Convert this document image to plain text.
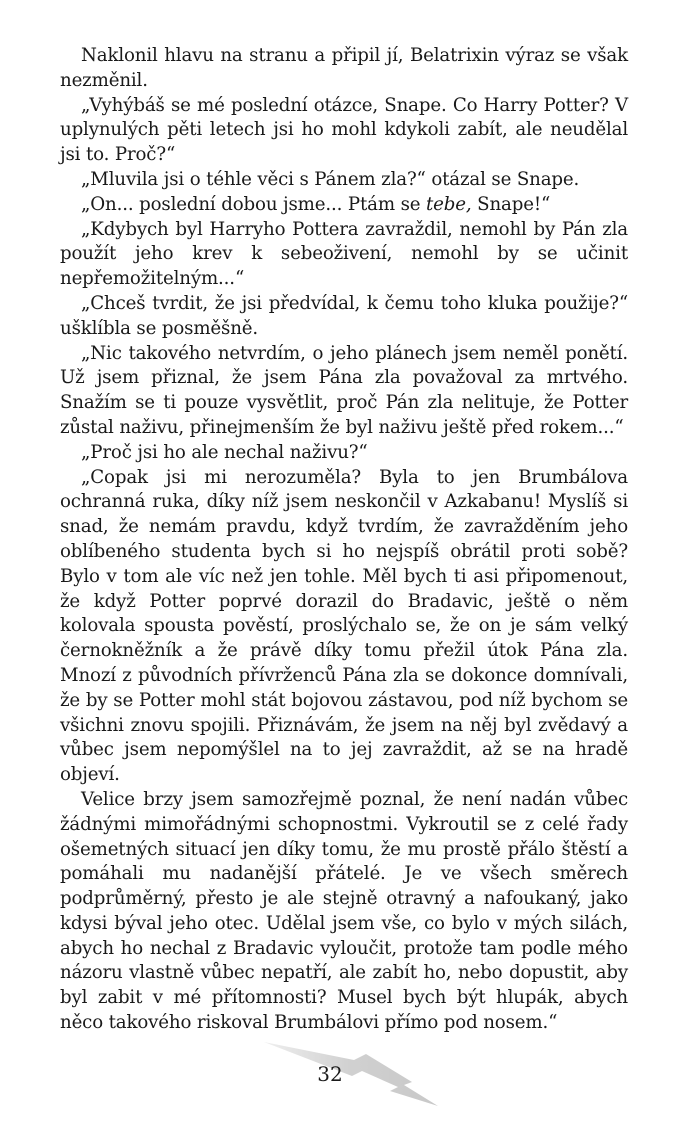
Naklonil hlavu na stranu a připil jí, Belatrixin výraz se však nezměnil.

„Vyhýbáš se mé poslední otázce, Snape. Co Harry Potter? V uplynulých pěti letech jsi ho mohl kdykoli zabít, ale neudělal jsi to. Proč?“

„Mluvila jsi o téhle věci s Pánem zla?“ otázal se Snape.

„On... poslední dobou jsme... Ptám se tebe, Snape!“

„Kdybych byl Harryho Pottera zavraždil, nemohl by Pán zla použít jeho krev k sebeoživení, nemohl by se učinit nepřemožitelným...“

„Chceš tvrdit, že jsi předvídal, k čemu toho kluka použije?“ ušklíbla se posměšně.

„Nic takového netvrdím, o jeho plánech jsem neměl ponětí. Už jsem přiznal, že jsem Pána zla považoval za mrtvého. Snažím se ti pouze vysvětlit, proč Pán zla nelituje, že Potter zůstal naživu, přinejmenším že byl naživu ještě před rokem...“

„Proč jsi ho ale nechal naživu?“

„Copak jsi mi nerozuměla? Byla to jen Brumbálova ochranná ruka, díky níž jsem neskončil v Azkabanu! Myslíš si snad, že nemám pravdu, když tvrdím, že zavražděním jeho oblíbeného studenta bych si ho nejspíš obrátil proti sobě? Bylo v tom ale víc než jen tohle. Měl bych ti asi připomenout, že když Potter poprvé dorazil do Bradavic, ještě o něm kolovala spousta pověstí, proslýchalo se, že on je sám velký černokněžník a že právě díky tomu přežil útok Pána zla. Mnozí z původních přívrženců Pána zla se dokonce domnívali, že by se Potter mohl stát bojovou zástavou, pod níž bychom se všichni znovu spojili. Přiznávám, že jsem na něj byl zvědavý a vůbec jsem nepomýšlel na to jej zavraždit, až se na hradě objeví.

Velice brzy jsem samozřejmě poznal, že není nadán vůbec žádnými mimořádnými schopnostmi. Vykroutil se z celé řady ošemetných situací jen díky tomu, že mu prostě přálo štěstí a pomáhali mu nadanější přátelé. Je ve všech směrech podprůměrný, přesto je ale stejně otravný a nafoukaný, jako kdysi býval jeho otec. Udělal jsem vše, co bylo v mých silách, abych ho nechal z Bradavic vyloučit, protože tam podle mého názoru vlastně vůbec nepatří, ale zabít ho, nebo dopustit, aby byl zabit v mé přítomnosti? Musel bych být hlupák, abych něco takového riskoval Brumbálovi přímo pod nosem.“

32
